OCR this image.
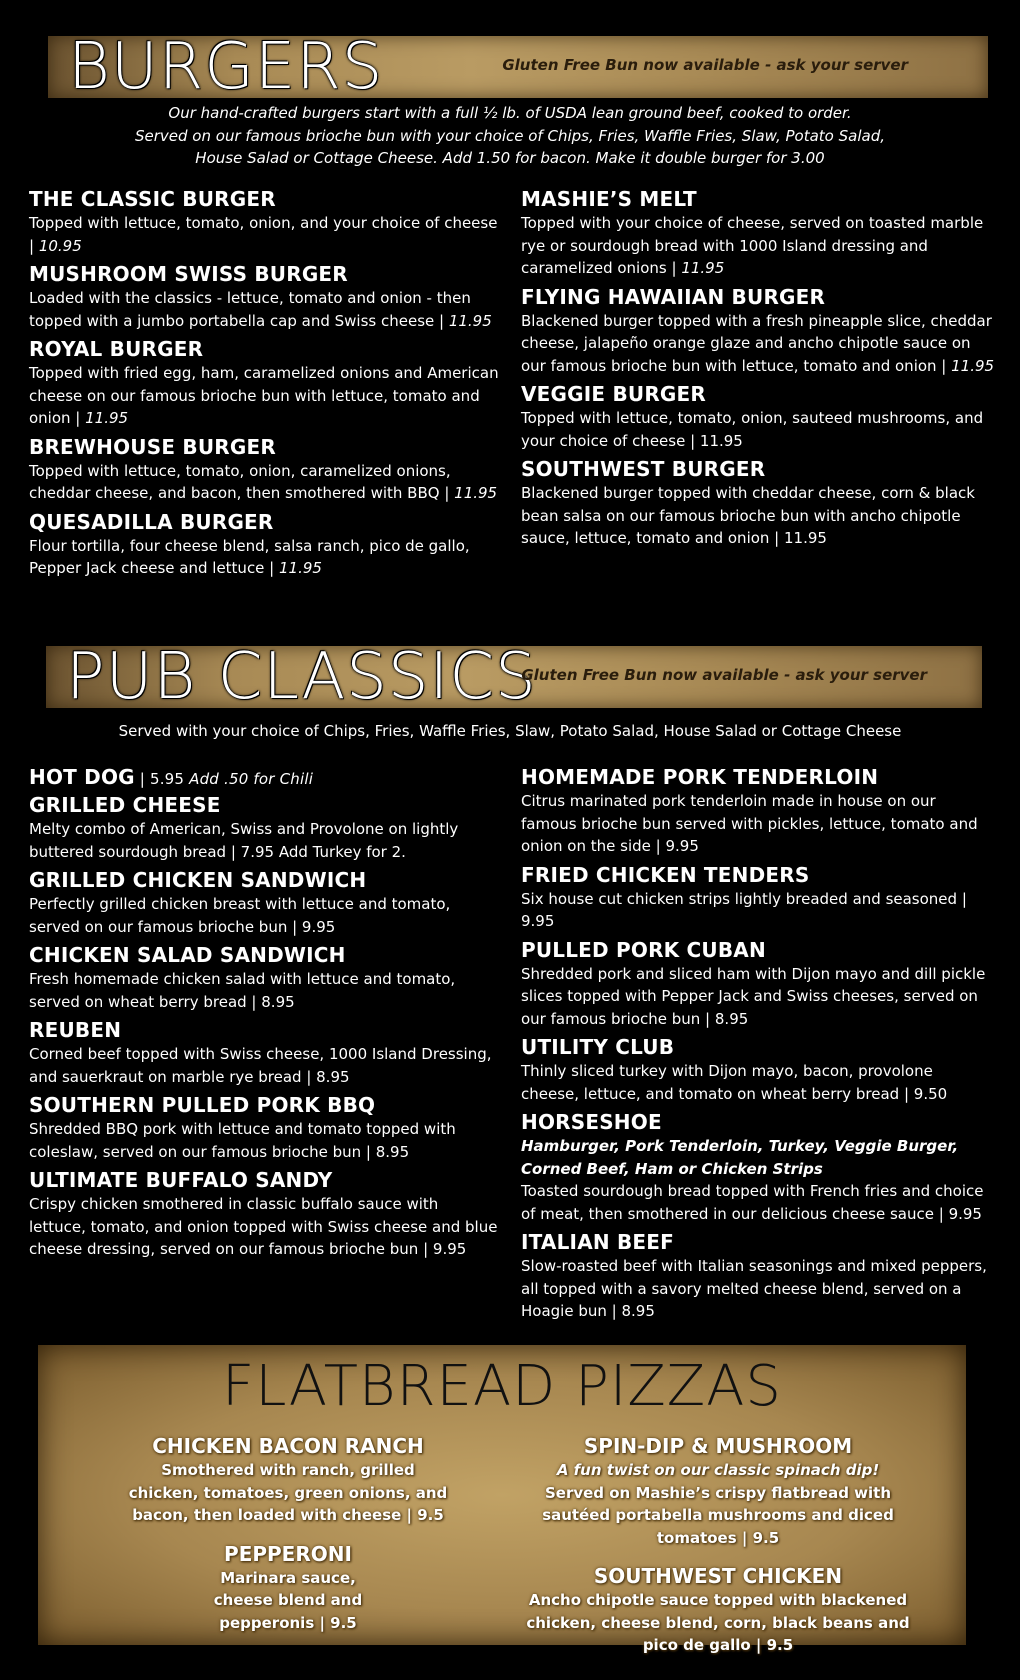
BURGERS	Gluten Free Bun now available - ask your server
Our hand-crafted burgers start with a full ½ lb. of USDA lean ground beef, cooked to order.
Served on our famous brioche bun with your choice of Chips, Fries, Waffle Fries, Slaw, Potato Salad,
House Salad or Cottage Cheese. Add 1.50 for bacon. Make it double burger for 3.00
THE CLASSIC BURGER
Topped with lettuce, tomato, onion, and your choice of cheese | 10.95
MUSHROOM SWISS BURGER
Loaded with the classics - lettuce, tomato and onion - then topped with a jumbo portabella cap and Swiss cheese | 11.95
ROYAL BURGER
Topped with fried egg, ham, caramelized onions and American cheese on our famous brioche bun with lettuce, tomato and onion | 11.95
BREWHOUSE BURGER
Topped with lettuce, tomato, onion, caramelized onions, cheddar cheese, and bacon, then smothered with BBQ | 11.95
QUESADILLA BURGER
Flour tortilla, four cheese blend, salsa ranch, pico de gallo, Pepper Jack cheese and lettuce | 11.95
MASHIE’S MELT
Topped with your choice of cheese, served on toasted marble rye or sourdough bread with 1000 Island dressing and caramelized onions | 11.95
FLYING HAWAIIAN BURGER
Blackened burger topped with a fresh pineapple slice, cheddar cheese, jalapeño orange glaze and ancho chipotle sauce on our famous brioche bun with lettuce, tomato and onion | 11.95
VEGGIE BURGER
Topped with lettuce, tomato, onion, sauteed mushrooms, and your choice of cheese | 11.95
SOUTHWEST BURGER
Blackened burger topped with cheddar cheese, corn & black bean salsa on our famous brioche bun with ancho chipotle sauce, lettuce, tomato and onion | 11.95
PUB CLASSICS
Gluten Free Bun now available - ask your server
Served with your choice of Chips, Fries, Waffle Fries, Slaw, Potato Salad, House Salad or Cottage Cheese
HOT DOG | 5.95 Add .50 for Chili
GRILLED CHEESE
Melty combo of American, Swiss and Provolone on lightly buttered sourdough bread | 7.95 Add Turkey for 2.
GRILLED CHICKEN SANDWICH
Perfectly grilled chicken breast with lettuce and tomato, served on our famous brioche bun | 9.95
CHICKEN SALAD SANDWICH
Fresh homemade chicken salad with lettuce and tomato, served on wheat berry bread | 8.95
REUBEN
Corned beef topped with Swiss cheese, 1000 Island Dressing, and sauerkraut on marble rye bread | 8.95
SOUTHERN PULLED PORK BBQ
Shredded BBQ pork with lettuce and tomato topped with coleslaw, served on our famous brioche bun | 8.95
ULTIMATE BUFFALO SANDY
Crispy chicken smothered in classic buffalo sauce with lettuce, tomato, and onion topped with Swiss cheese and blue cheese dressing, served on our famous brioche bun | 9.95
HOMEMADE PORK TENDERLOIN
Citrus marinated pork tenderloin made in house on our famous brioche bun served with pickles, lettuce, tomato and onion on the side | 9.95
FRIED CHICKEN TENDERS
Six house cut chicken strips lightly breaded and seasoned | 9.95
PULLED PORK CUBAN
Shredded pork and sliced ham with Dijon mayo and dill pickle slices topped with Pepper Jack and Swiss cheeses, served on our famous brioche bun | 8.95
UTILITY CLUB
Thinly sliced turkey with Dijon mayo, bacon, provolone cheese, lettuce, and tomato on wheat berry bread | 9.50
HORSESHOE
Hamburger, Pork Tenderloin, Turkey, Veggie Burger, Corned Beef, Ham or Chicken Strips
Toasted sourdough bread topped with French fries and choice of meat, then smothered in our delicious cheese sauce | 9.95
ITALIAN BEEF
Slow-roasted beef with Italian seasonings and mixed peppers, all topped with a savory melted cheese blend, served on a Hoagie bun | 8.95
FLATBREAD PIZZAS
CHICKEN BACON RANCH
Smothered with ranch, grilled chicken, tomatoes, green onions, and bacon, then loaded with cheese | 9.5
PEPPERONI
Marinara sauce, cheese blend and pepperonis | 9.5
SPIN-DIP & MUSHROOM
A fun twist on our classic spinach dip! Served on Mashie’s crispy flatbread with sautéed portabella mushrooms and diced tomatoes | 9.5
SOUTHWEST CHICKEN
Ancho chipotle sauce topped with blackened chicken, cheese blend, corn, black beans and pico de gallo | 9.5
